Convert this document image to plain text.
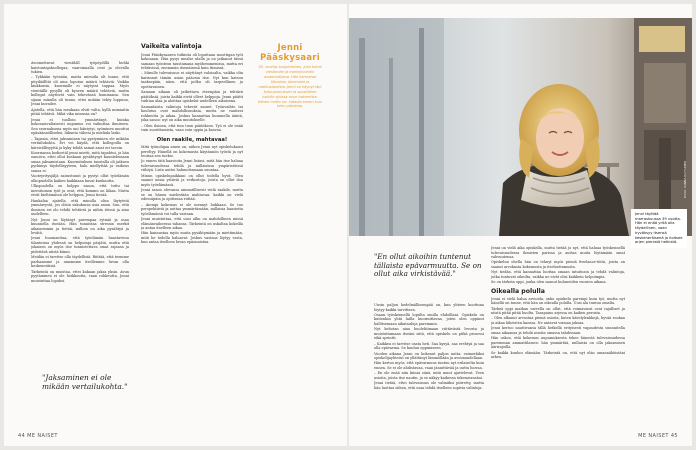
Avoimettavat vientiläll työpöydillä huhki kaistuntajaksollegaa, vaarsinnalla ovat ja olevalla tukien.

– Tykkään työnään, matta mieuiila olt tunne, että pitydäälltäi oli aina loputon määrä tehtäviä. Vaikka kiukkuisin, kuormalle ei näytyint tappaa. Myös vientiällä pysyllä oli kyseen määrä tehtäviä, mutta kollegat näyttivät vain tekevänsä hommansa. Sen sijaan minulla oli tunne, ettei mitään tehty loppuun, Jenni kuvailee.

Ajatella, että hän meukaan olvät valta, kyllä mimiaitin pitää tehtävä. Mikä vika minussa on?

Jenni ei tuolloin ymmärtänyt, kuinka kokonaisvaltaisesti uupumus voi vaikuttaa ihmiseen. Sen seurauksena myös uni häiriytyi, syöminen muuttui epäsäännölliseksi, liikunta väheni ja mieliala laski.

– Tapasin, ettei jaksaminen tai pystyminen ole mikään vertailukohta. Eri voi käydä, että kollegoilla on kärsivällisyyttä ja kyky tehdä samat asiat eri tavoin.

Kuormassa kodisetäl jenni mietti, mitä tapahtui, ja hän oanoivu, ettei ollut koskaan pysähtynyt kuuntelemaan omaa jaksamistaan. Kuormituksen taustalla oli jatkuva pyrkimys täydellisyyteen, halu miellyttää ja vaikeus sanoa ei.

Vuoteyritysjäljä sairastunut ja pystyi ollut työelämän ulkopuolella kaiken kaikkiaan kuusi kuukautta.

Ulkopuolella on helppo sanoa, että tuttu tai mersitomon työt ja ovat, että kommu on liikaa. Mutta eivät kieltämässä ole helppoa, Jenni tiesää.

Hankalaa ajatella, että minulla oliso läytytetä ymmärrystä, jos olisin sukukuras asia asian. Sun, että ihmisen eri olo tehdä tehtäviä ja niihin töissä ja aina uudelleen.

Nyt Jenni on löytänyt parempaa rytmiä ja osaa kuunnella itseään. Hän tunnistaa stressin merkit aikaisemmin ja tietää, milloin on aika pysähtyä ja levätä.

Jenni huomauttaa, että työelämän haastavissa tilanteissa yhdessä on helpompi pärjätä, mutta että jokaisen on myös itse tunnistettava omat rajansa ja pidettävä niistä kiinni.

Meidän ei tarvitse olla täydellisiä. Riittää, että teemme parhaamme ja annamme itsellemme luvan olla keskeneräisiä.

Tärkeintä on muistaa, ettei kukaan jaksa yksin. Avun pyytäminen ei ole heikkoutta, vaan rohkeutta, Jenni muistuttaa lopuksi.

"Jaksaminen ei ole mikään vertailukohta."
Vaikeita valintoja

Jenni Pääskysaaren tutkinta oli loputtaan moottigan työt kokonaan. Hän pysyi mealse ulalla ja on jatkanut tässä samaan työnteon taustamana myöhemmenissa, mutta eri tehtävissä, enemmän itsenäisenä kuin tiimissä.

– Minulle tulevaisuus ei näyttänyt valoisalta, vaikka olin kaivinnut tämän asian pääosin itse. Nyt kun katson taaksepäin, näen, että polku oli tarpeellinen ja opettavainen.

Samaan aikaan oli jatkettava eteenpäin ja tehtävä päätöksiä, joista kaikki eivät olleet helppoja. Jenni päätti vaihtaa alaa ja aloittaa opiskelut uudelleen aikuisena.

Samanlaista valintoja tekevät monet. Työnvaihto tai koulutus ovat mahdollisuuksia, mutta ne vaativat rohkeutta ja aikaa. Joskus kannattaa kuunnella ääntä, joka sanoo: nyt on aika muutokselle.

– Olen iloinen, että tein tuon päätöksen. Työ ei ole enää vain suorittamista, vaan voin oppia ja kasvaa.

Olen raakile, mahtavaa!

Mitä työnoligaa ainen on, niihen Jenni nyt opiskelukausi pereltyy. Hänellä on kokemusta käytännön työstä ja nyt teoriaa sen tueksi.

Jo ennen tätä kaavioita Jenni listasi, mitä hän itse haluaa tulevaisuudessa tehdä ja millaisissa ympäristöissä viihtyä. Lista auttoi hahmottamaan suuntaa.

Minun opiskelupaikkani on ollut todella hyvä. Olen saanut uusia ystäviä ja verkostoja, joista on ollut iloa myös työelämässä.

Jenni sanoo olevansa ammatillisesti vielä raakile, mutta se on hänen mielestään mahtavaa: kaikki on vielä edessäpäin ja opittavaa riittää.

– Aiempi kokemus ei ole mennyt hukkaan. Se tuo perspektiiviä ja auttaa ymmärtämään, millaisia haasteita työelämässä voi tulla vastaan.

Jenni muistuttaa, että uusi alku on mahdollinen missä elämänvaiheessa tahansa. Tärkeintä on uskaltaa kokeilla ja antaa itselleen aikaa.

Hän kannustaa myös muita pysähtymään ja miettimään, mitä he todella haluavat. Joskus vastaus löytyy vasta, kun antaa itselleen luvan epäonnistua.

Jenni Pääskysaari
38, vuotias kuopiolainen, joka toimii viestinnän ja markkinoinnin asiantuntijana. Hän harrastaa liikuntaa, lukemista ja matkustamista. Jenni on käynyt läpi työuupumuksen ja suosittelee kaikille ajoissa avun hakemista. Hänen motto on: hidasta ennen kuin keho pakottaa.
44 ME NAISET
KUVA: SANNA KUITUNEN

Jenni täyttää marraskuussa 39 vuotta. Hän ei enää yritä olla täydellinen, vaan hyväksyy itsensä keskeneräisenä ja iloitsee arjen pienistä hetkistä.

"En ollut aikoihin tuntenut tällaista epävarmuutta. Se on ollut aika virkistävää."

Uusin paljon hedelmällisempää on, kun yhteen koottuna löytyy kaikki tarvittava.

Osaan työskennellä lopulta omilla ehdoillani. Opiskelu on kuitenkin yhtä lailla kuormittavaa, joten olen oppinut hallitsemaan aikatauluja paremmin.

Nyt kehotan aina huolehtimaan riittävästä levosta ja muistuttamaan itseäni siitä, että opiskelu on pitkä prosessi eikä sprintti.

– Kaikkea ei tarvitse osata heti. Saa kysyä, saa erehtyä ja saa olla epävarma. Se kuuluu oppimiseen.

Vuoden aikana Jenni on kokenut paljon uutta: esimerkiksi opiskelijayhteisö on yllättänyt lämmöllään ja avoimuudellaan.

Hän kertoo myös, että epävarmuus tuntuu nyt erilaiselta kuin ennen. Se ei ole ahdistavaa, vaan jännittävää ja uutta luovaa.

– En ole enää niin kiinni siinä, mitä muut ajattelevat. Teen asioita, joista itse nautin, ja se näkyy kaikessa tekemisessäni.

Jenni tietää, ettei tulevaisuus ole valmiiksi piirretty, mutta hän luottaa siihen, että osaa tehdä itselleen sopivia valintoja.

Jenni on vielä aika opiskella, mutta tietää jo nyt, että haluaa työskennellä tulevaisuudessa ihmisten parissa ja auttaa muita löytämään omat vahvuutensa.

Opiskelun ohella hän on tehnyt myös pieniä freelance-töitä, joista on saanut arvokasta kokemusta ja itseluottamusta.

Nyt tiedän, että kannattaa luottaa omaan intuitioon ja tehdä valintoja, jotka tuntuvat oikeilta, vaikka ne eivät olisi kaikkein helpoimpia.

Se on tärkein oppi, jonka olen saanut kuluneiden vuosien aikana.

Oikealla polulla

Jenni ei vielä halua arvioida, onko opiskelu parempi kuin työ, mutta nyt hänellä on tunne, että hän on oikealla polulla. Uusi ala tuntuu omalta.

Tärkeä oppi matkan varrella on ollut, että voimavarat ovat rajalliset ja niistä pitää pitää huolta. Tasapaino arjessa on kaiken perusta.

– Olen alkanut arvostaa pieniä asioita, kuten kävelylenkkejä, hyvää ruokaa ja aikaa läheisten kanssa. Ne antavat voimaa jaksaa.

Jenni kertoo nauttivansa tällä hetkellä erityisesti vapaudesta suunnitella omaa aikaansa ja tehdä asioita omassa tahdissaan.

Hän uskoo, että kokemus uupumuksesta tekee hänestä tulevaisuudessa paremman ammattilaisen: hän ymmärtää, millaista on olla jaksamisen äärirajoilla.

Se kaikki kuuluu elämään. Tärkeintä on, että nyt elän omannäköistäni arkea.

ME NAISET 45
